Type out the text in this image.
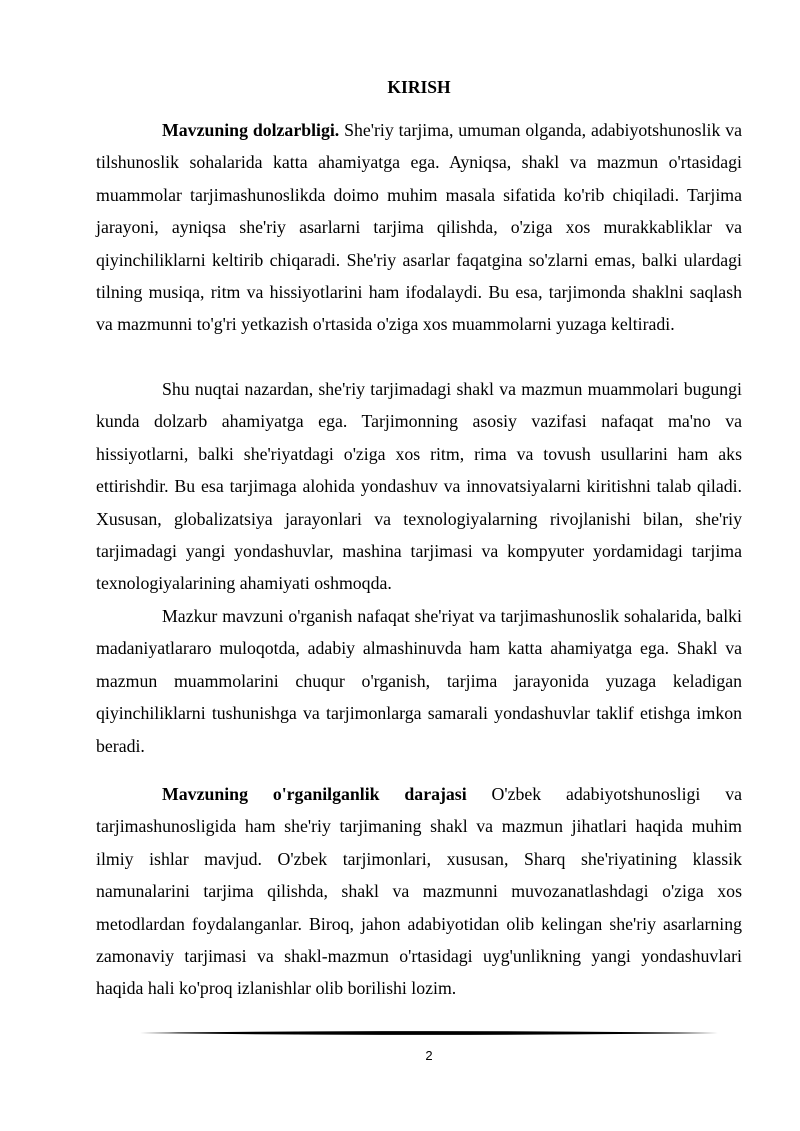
KIRISH

Mavzuning dolzarbligi. She'riy tarjima, umuman olganda, adabiyotshunoslik va tilshunoslik sohalarida katta ahamiyatga ega. Ayniqsa, shakl va mazmun o'rtasidagi muammolar tarjimashunoslikda doimo muhim masala sifatida ko'rib chiqiladi. Tarjima jarayoni, ayniqsa she'riy asarlarni tarjima qilishda, o'ziga xos murakkabliklar va qiyinchiliklarni keltirib chiqaradi. She'riy asarlar faqatgina so'zlarni emas, balki ulardagi tilning musiqa, ritm va hissiyotlarini ham ifodalaydi. Bu esa, tarjimonda shaklni saqlash va mazmunni to'g'ri yetkazish o'rtasida o'ziga xos muammolarni yuzaga keltiradi.

Shu nuqtai nazardan, she'riy tarjimadagi shakl va mazmun muammolari bugungi kunda dolzarb ahamiyatga ega. Tarjimonning asosiy vazifasi nafaqat ma'no va hissiyotlarni, balki she'riyatdagi o'ziga xos ritm, rima va tovush usullarini ham aks ettirishdir. Bu esa tarjimaga alohida yondashuv va innovatsiyalarni kiritishni talab qiladi. Xususan, globalizatsiya jarayonlari va texnologiyalarning rivojlanishi bilan, she'riy tarjimadagi yangi yondashuvlar, mashina tarjimasi va kompyuter yordamidagi tarjima texnologiyalarining ahamiyati oshmoqda.

Mazkur mavzuni o'rganish nafaqat she'riyat va tarjimashunoslik sohalarida, balki madaniyatlararo muloqotda, adabiy almashinuvda ham katta ahamiyatga ega. Shakl va mazmun muammolarini chuqur o'rganish, tarjima jarayonida yuzaga keladigan qiyinchiliklarni tushunishga va tarjimonlarga samarali yondashuvlar taklif etishga imkon beradi.

Mavzuning o'rganilganlik darajasi O'zbek adabiyotshunosligi va tarjimashunosligida ham she'riy tarjimaning shakl va mazmun jihatlari haqida muhim ilmiy ishlar mavjud. O'zbek tarjimonlari, xususan, Sharq she'riyatining klassik namunalarini tarjima qilishda, shakl va mazmunni muvozanatlashdagi o'ziga xos metodlardan foydalanganlar. Biroq, jahon adabiyotidan olib kelingan she'riy asarlarning zamonaviy tarjimasi va shakl-mazmun o'rtasidagi uyg'unlikning yangi yondashuvlari haqida hali ko'proq izlanishlar olib borilishi lozim.

2
